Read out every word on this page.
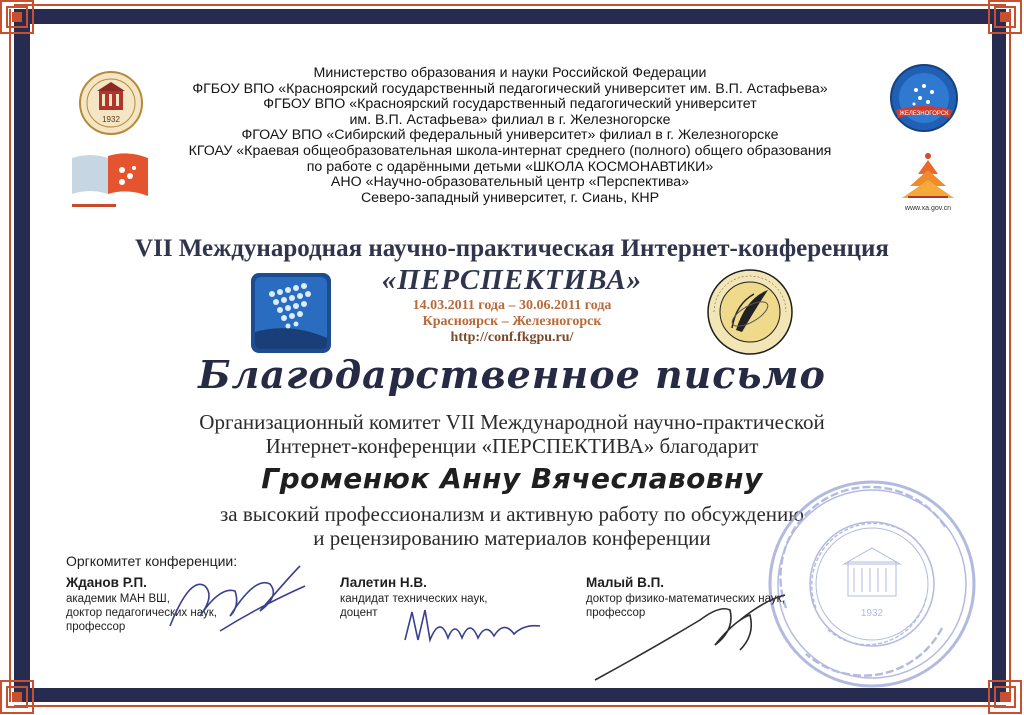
1932
ЖЕЛЕЗНОГОРСК
www.xa.gov.cn
Министерство образования и науки Российской Федерации
ФГБОУ ВПО «Красноярский государственный педагогический университет им. В.П. Астафьева»
ФГБОУ ВПО «Красноярский государственный педагогический университет
им. В.П. Астафьева» филиал в г. Железногорске
ФГОАУ ВПО «Сибирский федеральный университет» филиал в г. Железногорске
КГОАУ «Краевая общеобразовательная школа-интернат среднего (полного) общего образования
по работе с одарёнными детьми «ШКОЛА КОСМОНАВТИКИ»
АНО «Научно-образовательный центр «Перспектива»
Северо-западный университет, г. Сиань, КНР
VII Международная научно-практическая Интернет-конференция
«ПЕРСПЕКТИВА»
14.03.2011 года – 30.06.2011 года
Красноярск – Железногорск
http://conf.fkgpu.ru/
Благодарственное письмо
Организационный комитет VII Международной научно-практической
Интернет-конференции «ПЕРСПЕКТИВА» благодарит
Громенюк Анну Вячеславовну
за высокий профессионализм и активную работу по обсуждению
и рецензированию материалов конференции
1932
Оргкомитет конференции:
Жданов Р.П.
академик МАН ВШ,
доктор педагогических наук,
профессор
Лалетин Н.В.
кандидат технических наук,
доцент
Малый В.П.
доктор физико-математических наук,
профессор
